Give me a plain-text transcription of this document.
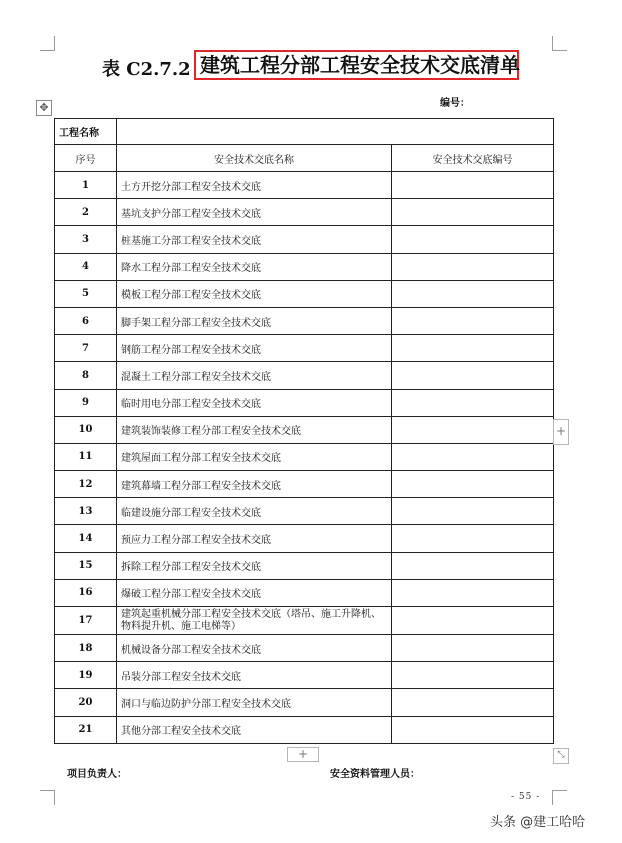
表 C2.7.2 建筑工程分部工程安全技术交底清单
编号：
✥
工程名称		
序号	安全技术交底名称	安全技术交底编号
1	土方开挖分部工程安全技术交底	
2	基坑支护分部工程安全技术交底	
3	桩基施工分部工程安全技术交底	
4	降水工程分部工程安全技术交底	
5	模板工程分部工程安全技术交底	
6	脚手架工程分部工程安全技术交底	
7	钢筋工程分部工程安全技术交底	
8	混凝土工程分部工程安全技术交底	
9	临时用电分部工程安全技术交底	
10	建筑装饰装修工程分部工程安全技术交底	
11	建筑屋面工程分部工程安全技术交底	
12	建筑幕墙工程分部工程安全技术交底	
13	临建设施分部工程安全技术交底	
14	预应力工程分部工程安全技术交底	
15	拆除工程分部工程安全技术交底	
16	爆破工程分部工程安全技术交底	
17	建筑起重机械分部工程安全技术交底（塔吊、施工升降机、物料提升机、施工电梯等）	
18	机械设备分部工程安全技术交底	
19	吊装分部工程安全技术交底	
20	洞口与临边防护分部工程安全技术交底	
21	其他分部工程安全技术交底	
+
+	⤡
项目负责人：	安全资料管理人员：
- 55 -
头条 @建工哈哈
